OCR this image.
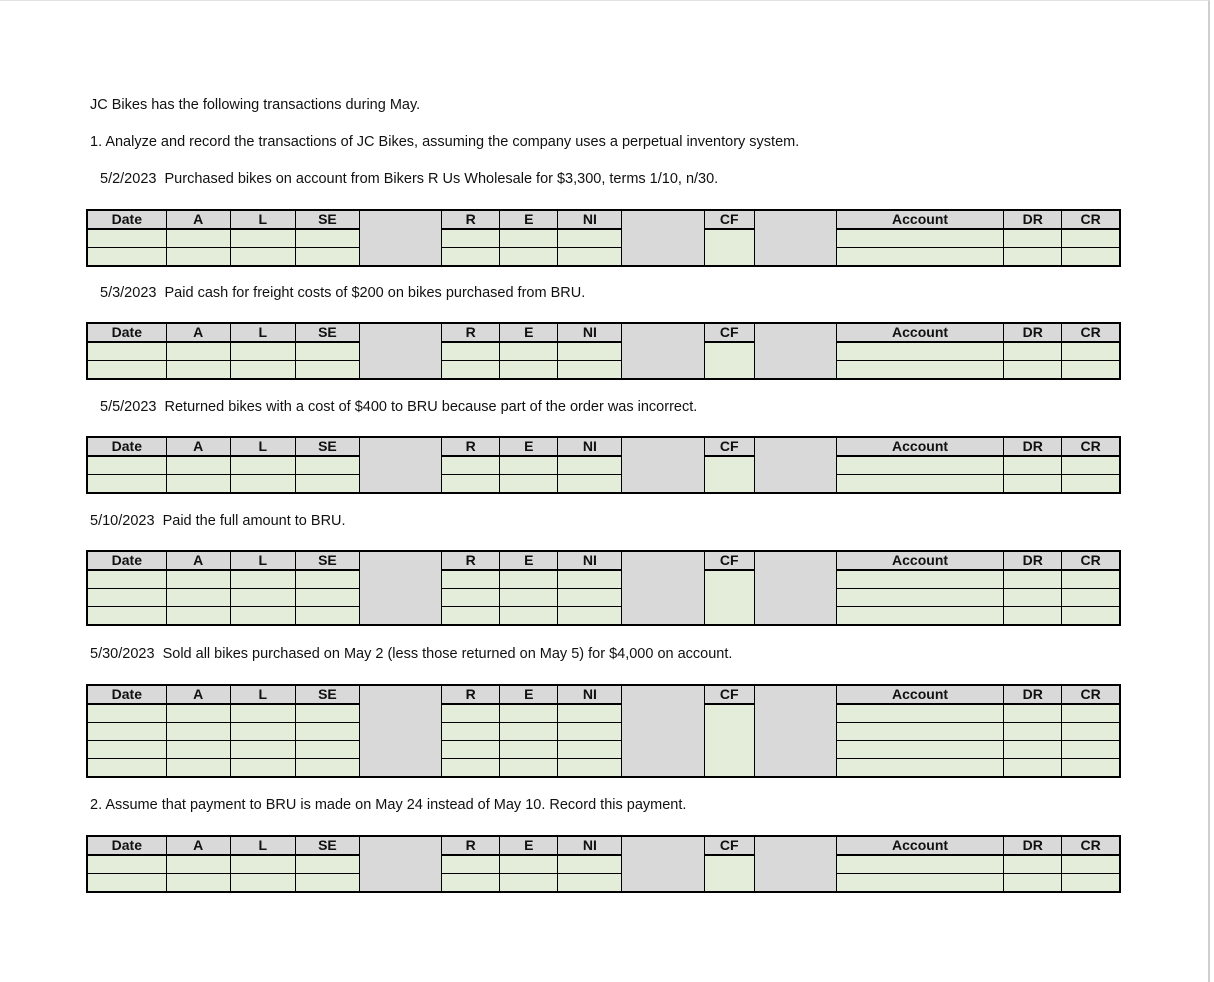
JC Bikes has the following transactions during May.
1. Analyze and record the transactions of JC Bikes, assuming the company uses a perpetual inventory system.
5/2/2023 Purchased bikes on account from Bikers R Us Wholesale for $3,300, terms 1/10, n/30.
Date	A	L	SE		R	E	NI		CF		Account	DR	CR

5/3/2023 Paid cash for freight costs of $200 on bikes purchased from BRU.
Date	A	L	SE		R	E	NI		CF		Account	DR	CR

5/5/2023 Returned bikes with a cost of $400 to BRU because part of the order was incorrect.
Date	A	L	SE		R	E	NI		CF		Account	DR	CR

5/10/2023 Paid the full amount to BRU.
Date	A	L	SE		R	E	NI		CF		Account	DR	CR

5/30/2023 Sold all bikes purchased on May 2 (less those returned on May 5) for $4,000 on account.
Date	A	L	SE		R	E	NI		CF		Account	DR	CR

2. Assume that payment to BRU is made on May 24 instead of May 10. Record this payment.
Date	A	L	SE		R	E	NI		CF		Account	DR	CR
